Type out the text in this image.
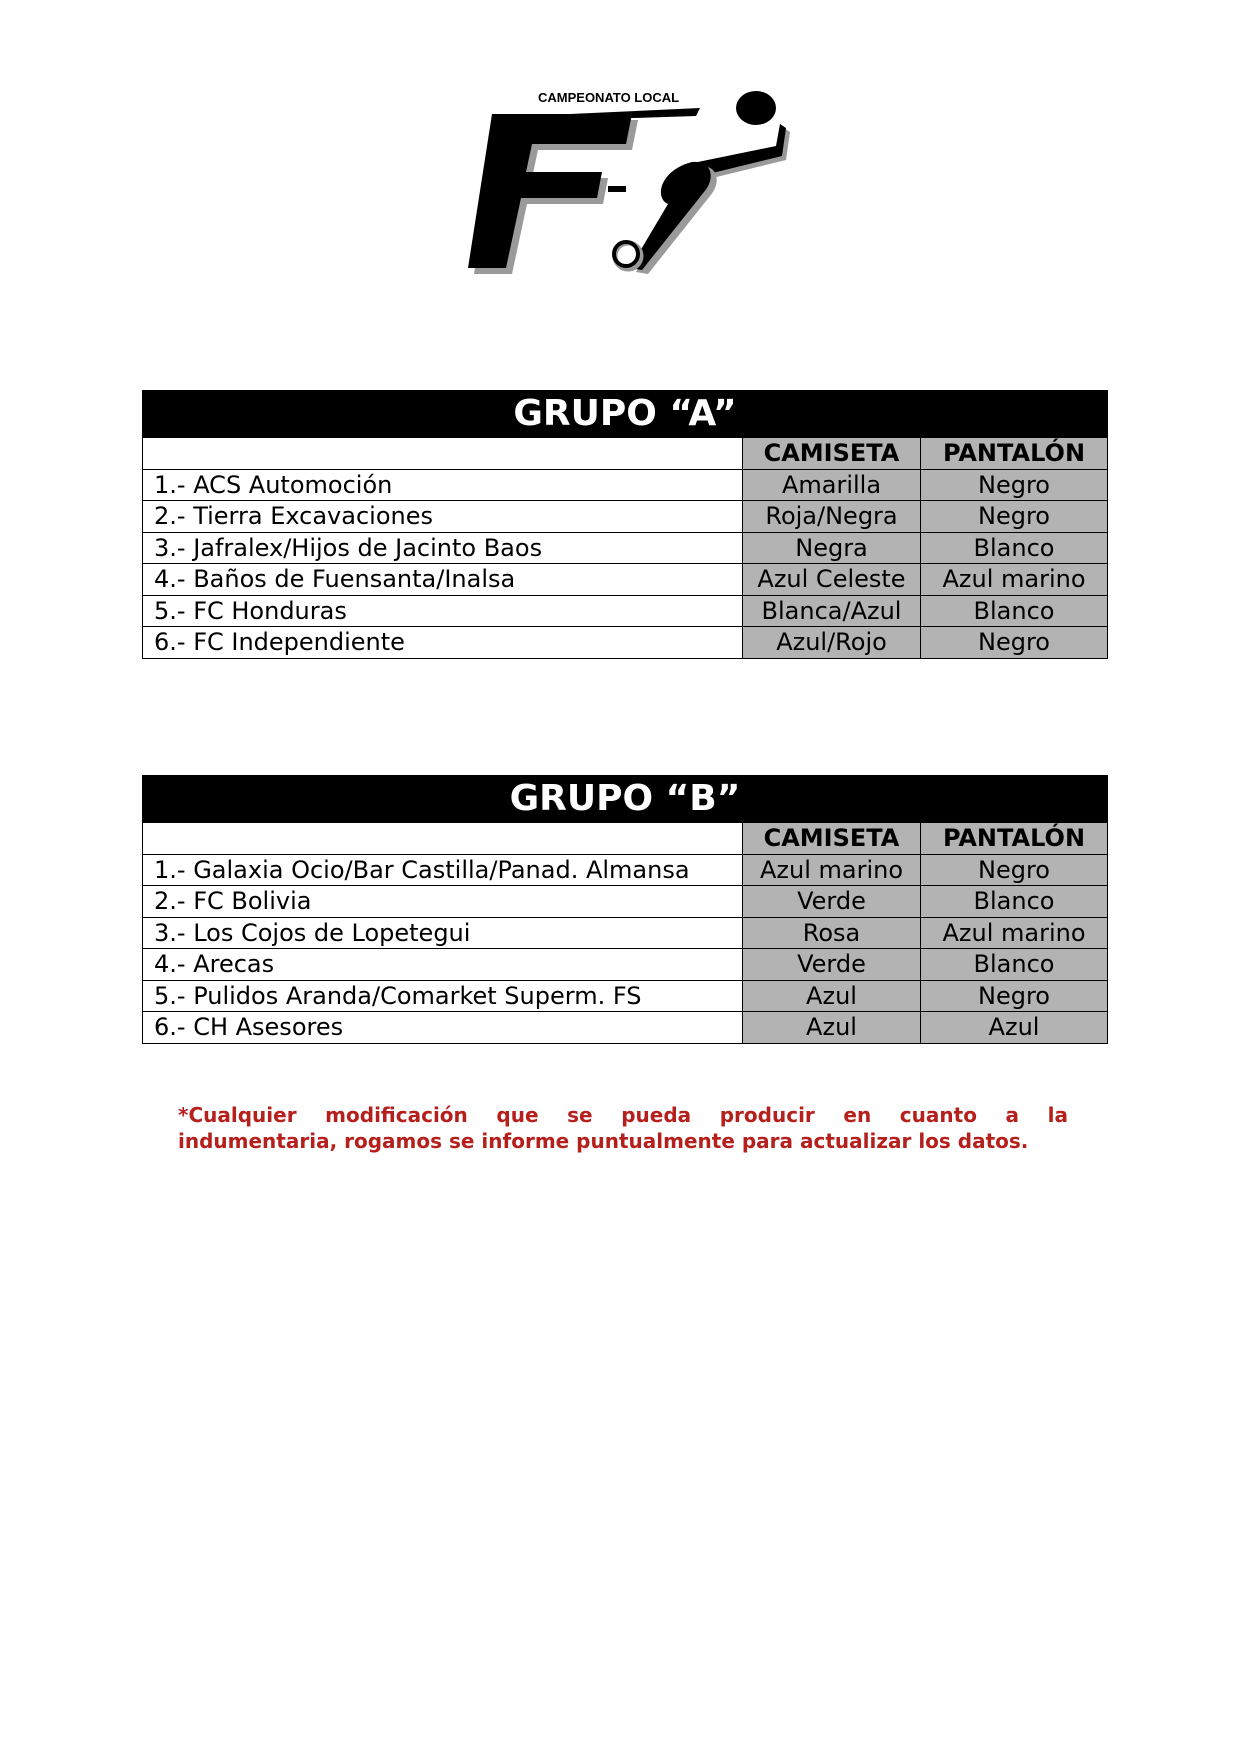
CAMPEONATO LOCAL
GRUPO “A”		
	CAMISETA	PANTALÓN
1.- ACS Automoción	Amarilla	Negro
2.- Tierra Excavaciones	Roja/Negra	Negro
3.- Jafralex/Hijos de Jacinto Baos	Negra	Blanco
4.- Baños de Fuensanta/Inalsa	Azul Celeste	Azul marino
5.- FC Honduras	Blanca/Azul	Blanco
6.- FC Independiente	Azul/Rojo	Negro
GRUPO “B”		
	CAMISETA	PANTALÓN
1.- Galaxia Ocio/Bar Castilla/Panad. Almansa	Azul marino	Negro
2.- FC Bolivia	Verde	Blanco
3.- Los Cojos de Lopetegui	Rosa	Azul marino
4.- Arecas	Verde	Blanco
5.- Pulidos Aranda/Comarket Superm. FS	Azul	Negro
6.- CH Asesores	Azul	Azul
*Cualquier modificación que se pueda producir en cuanto a la
indumentaria, rogamos se informe puntualmente para actualizar los datos.
